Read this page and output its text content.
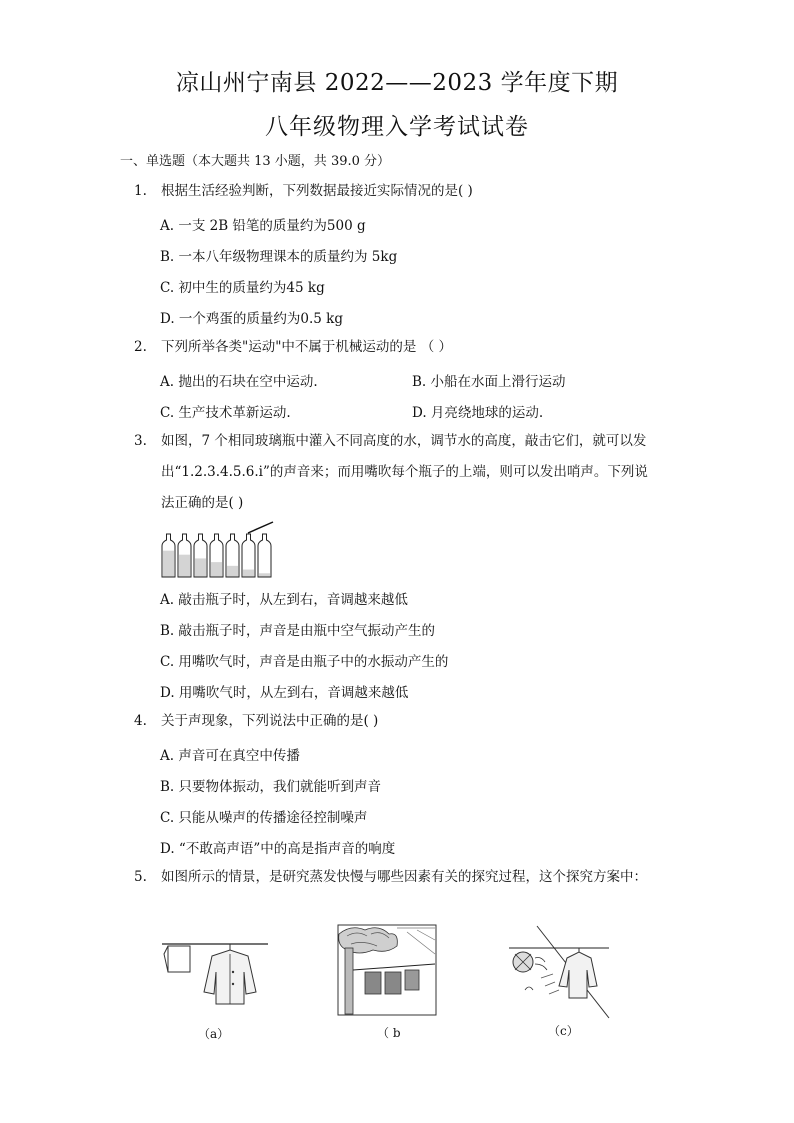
凉山州宁南县 2022——2023 学年度下期
八年级物理入学考试试卷
一、单选题（本大题共 13 小题，共 39.0 分）
1.	根据生活经验判断，下列数据最接近实际情况的是( )
A. 一支 2B 铅笔的质量约为500 g
B. 一本八年级物理课本的质量约为 5kg
C. 初中生的质量约为45 kg
D. 一个鸡蛋的质量约为0.5 kg
2.	下列所举各类"运动"中不属于机械运动的是 （ ）
A. 抛出的石块在空中运动.	B. 小船在水面上滑行运动
C. 生产技术革新运动.	D. 月亮绕地球的运动.
3.	如图，7 个相同玻璃瓶中灌入不同高度的水，调节水的高度，敲击它们，就可以发
出“1.2.3.4.5.6.i”的声音来；而用嘴吹每个瓶子的上端，则可以发出哨声。下列说
法正确的是( )
A. 敲击瓶子时，从左到右，音调越来越低
B. 敲击瓶子时，声音是由瓶中空气振动产生的
C. 用嘴吹气时，声音是由瓶子中的水振动产生的
D. 用嘴吹气时，从左到右，音调越来越低
4.	关于声现象，下列说法中正确的是( )
A. 声音可在真空中传播
B. 只要物体振动，我们就能听到声音
C. 只能从噪声的传播途径控制噪声
D. “不敢高声语”中的高是指声音的响度
5.	如图所示的情景，是研究蒸发快慢与哪些因素有关的探究过程，这个探究方案中：
（a）	（ b	（c）
